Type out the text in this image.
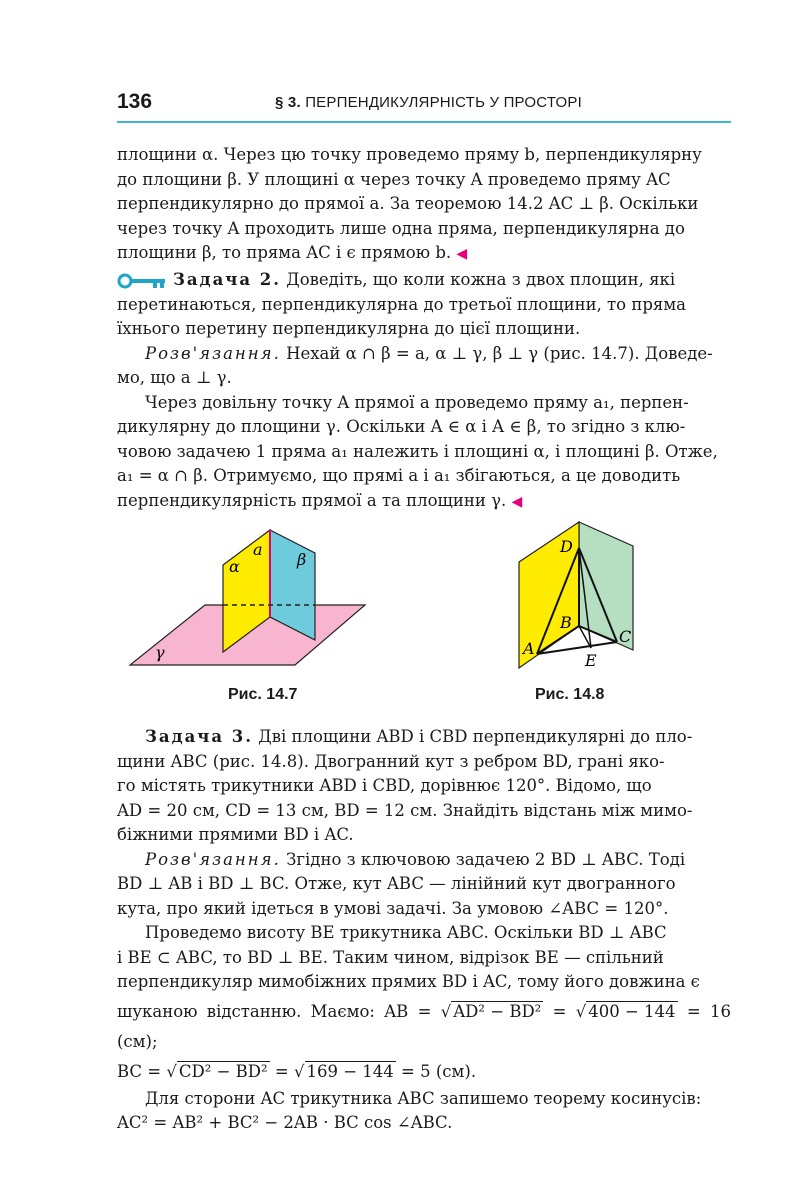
136	§ 3. ПЕРПЕНДИКУЛЯРНІСТЬ У ПРОСТОРІ

площини α. Через цю точку проведемо пряму b, перпендикулярну

до площини β. У площині α через точку A проведемо пряму AC

перпендикулярно до прямої a. За теоремою 14.2 AC ⊥ β. Оскільки

через точку A проходить лише одна пряма, перпендикулярна до

площини β, то пряма AC і є прямою b. ◀

Задача 2. Доведіть, що коли кожна з двох площин, які

перетинаються, перпендикулярна до третьої площини, то пряма

їхнього перетину перпендикулярна до цієї площини.

Розв'язання. Нехай α ∩ β = a, α ⊥ γ, β ⊥ γ (рис. 14.7). Доведе-

мо, що a ⊥ γ.

Через довільну точку A прямої a проведемо пряму a₁, перпен-

дикулярну до площини γ. Оскільки A ∈ α і A ∈ β, то згідно з клю-

човою задачею 1 пряма a₁ належить і площині α, і площині β. Отже,

a₁ = α ∩ β. Отримуємо, що прямі a і a₁ збігаються, а це доводить

перпендикулярність прямої a та площини γ. ◀

α
a
β
γ
Рис. 14.7
D
B
A
C
E
Рис. 14.8

Задача 3. Дві площини ABD і CBD перпендикулярні до пло-

щини ABC (рис. 14.8). Двогранний кут з ребром BD, грані яко-

го містять трикутники ABD і CBD, дорівнює 120°. Відомо, що

AD = 20 см, CD = 13 см, BD = 12 см. Знайдіть відстань між мимо-

біжними прямими BD і AC.

Розв'язання. Згідно з ключовою задачею 2 BD ⊥ ABC. Тоді

BD ⊥ AB і BD ⊥ BC. Отже, кут ABC — лінійний кут двогранного

кута, про який ідеться в умові задачі. За умовою ∠ABC = 120°.

Проведемо висоту BE трикутника ABC. Оскільки BD ⊥ ABC

і BE ⊂ ABC, то BD ⊥ BE. Таким чином, відрізок BE — спільний

перпендикуляр мимобіжних прямих BD і AC, тому його довжина є

шуканою відстанню. Маємо: AB = √ AD² − BD² = √ 400 − 144 = 16 (см);

BC = √ CD² − BD² = √ 169 − 144 = 5 (см).

Для сторони AC трикутника ABC запишемо теорему косинусів:

AC² = AB² + BC² − 2AB · BC cos ∠ABC.
